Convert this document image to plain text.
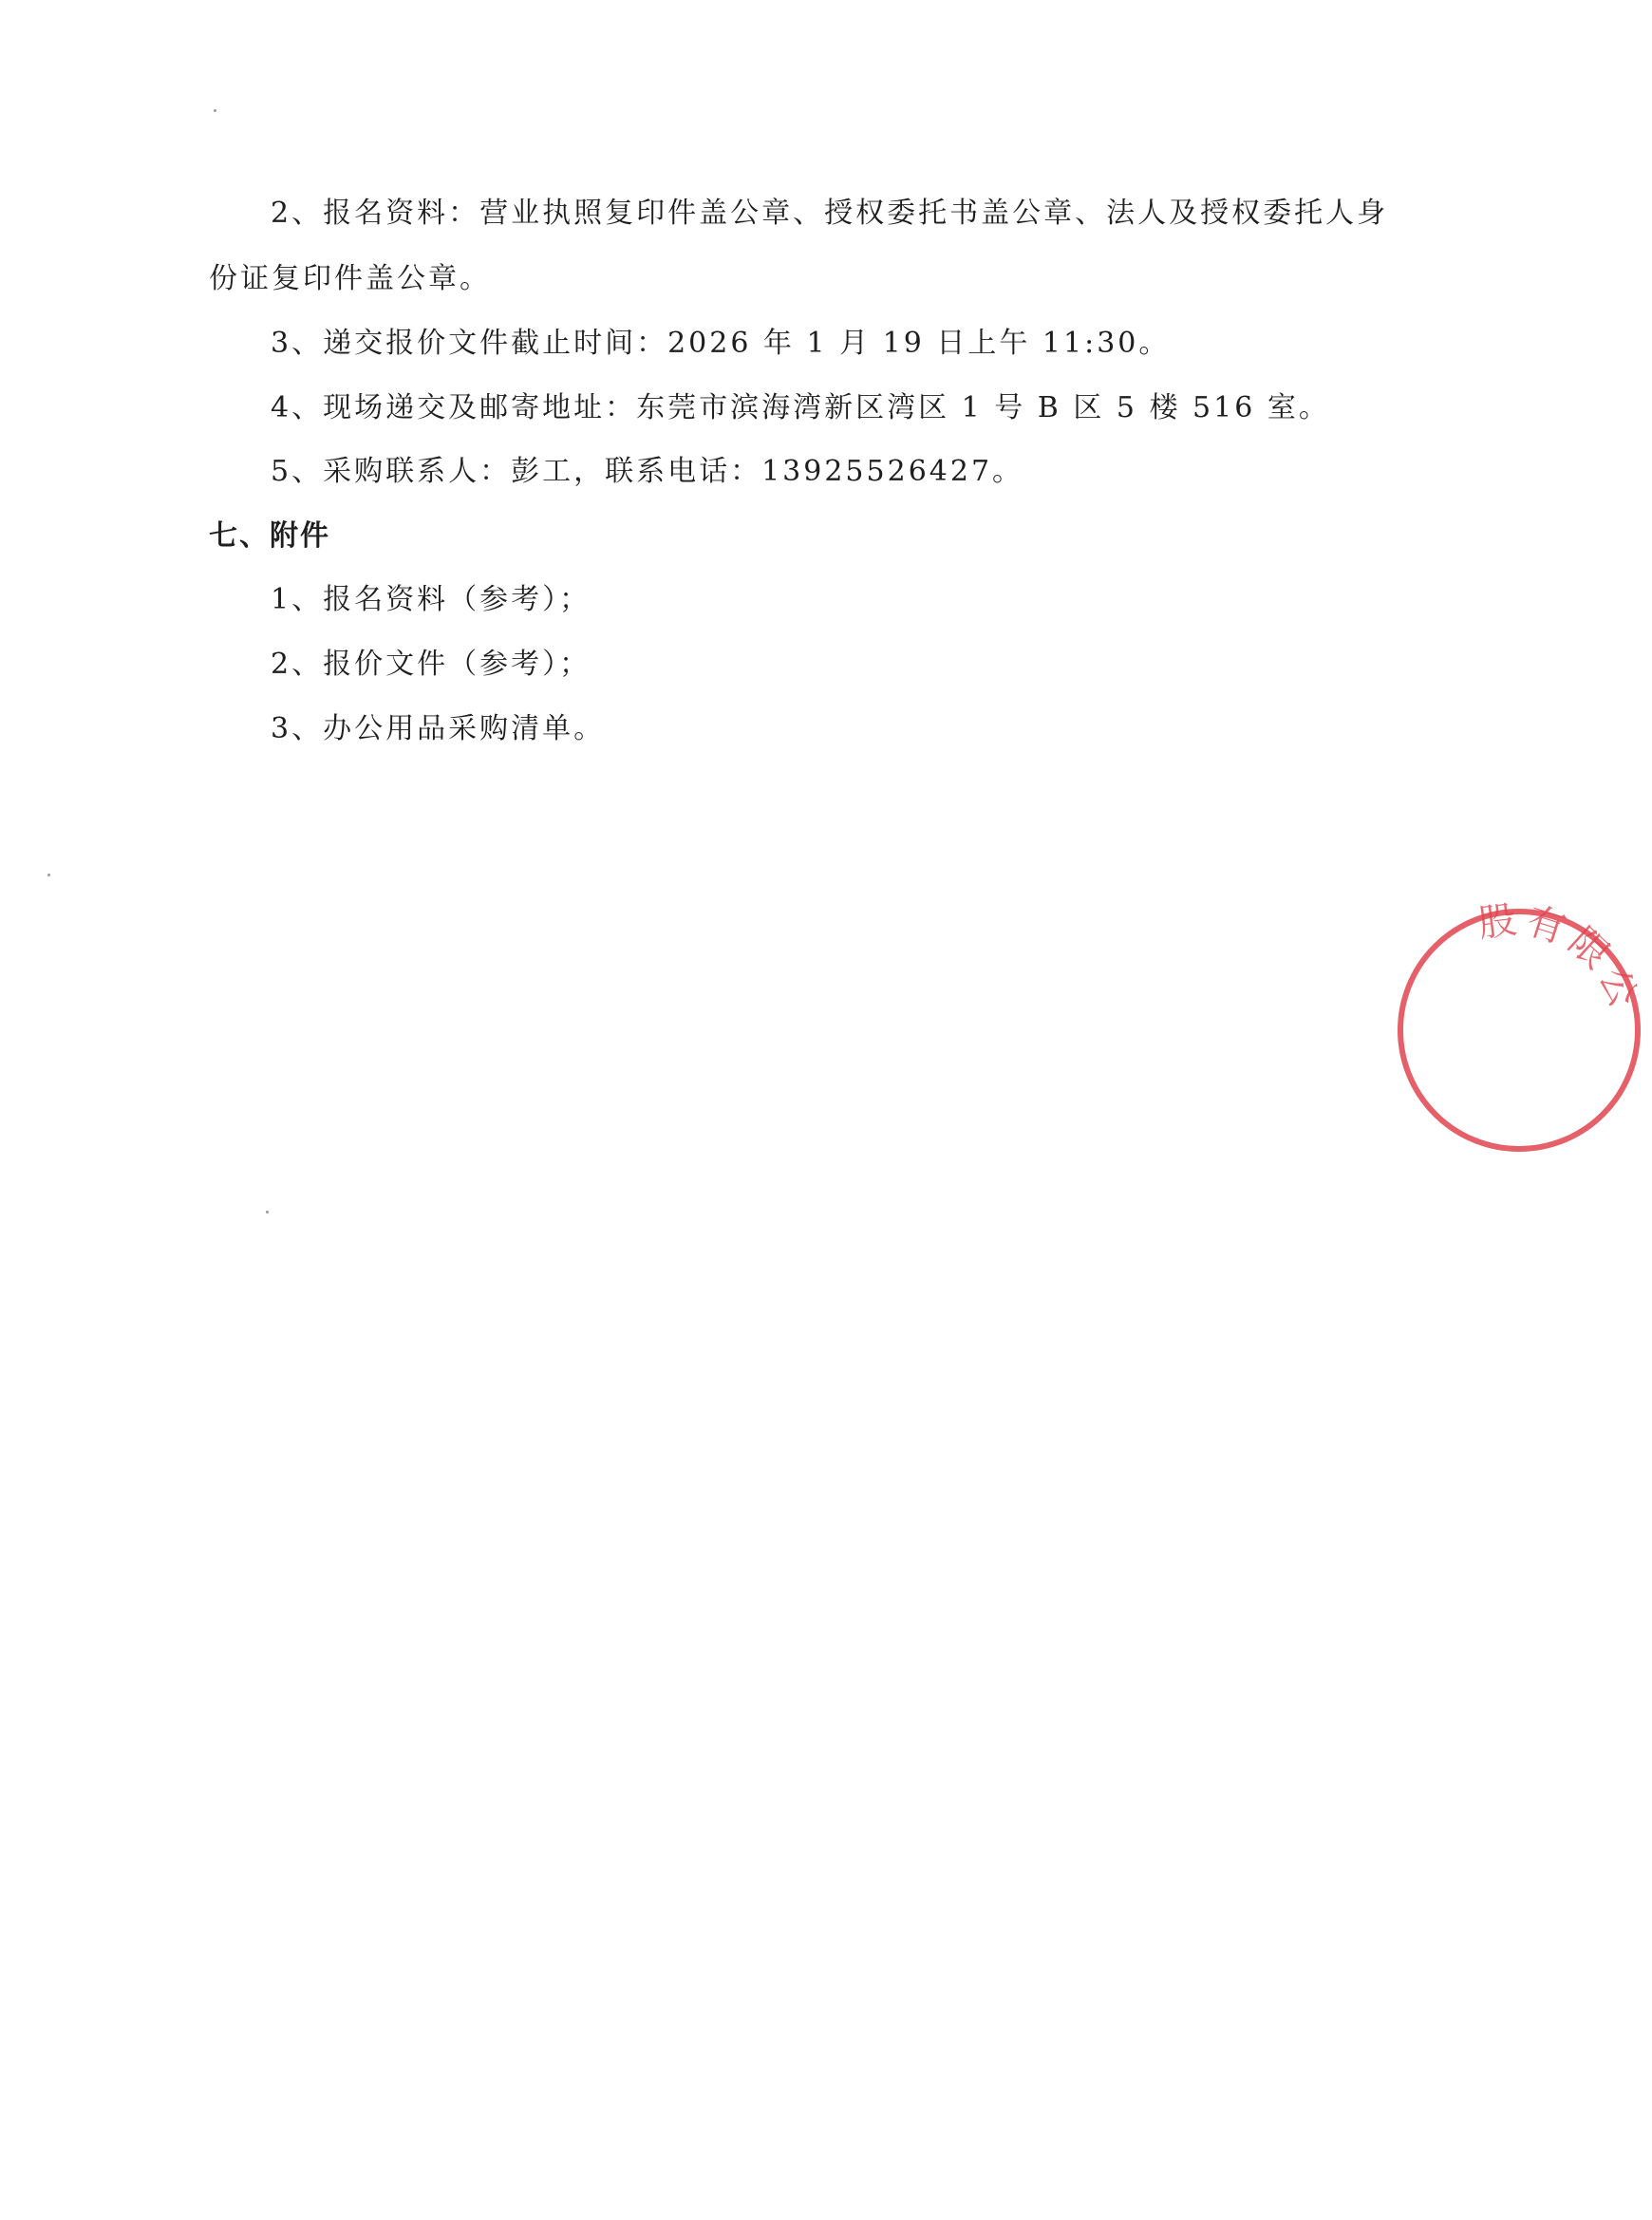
2、报名资料：营业执照复印件盖公章、授权委托书盖公章、法人及授权委托人身
份证复印件盖公章。
3、递交报价文件截止时间：2026 年 1 月 19 日上午 11:30。
4、现场递交及邮寄地址：东莞市滨海湾新区湾区 1 号 B 区 5 楼 516 室。
5、采购联系人：彭工，联系电话：13925526427。
七、附件
1、报名资料（参考）；
2、报价文件（参考）；
3、办公用品采购清单。
股有限公
